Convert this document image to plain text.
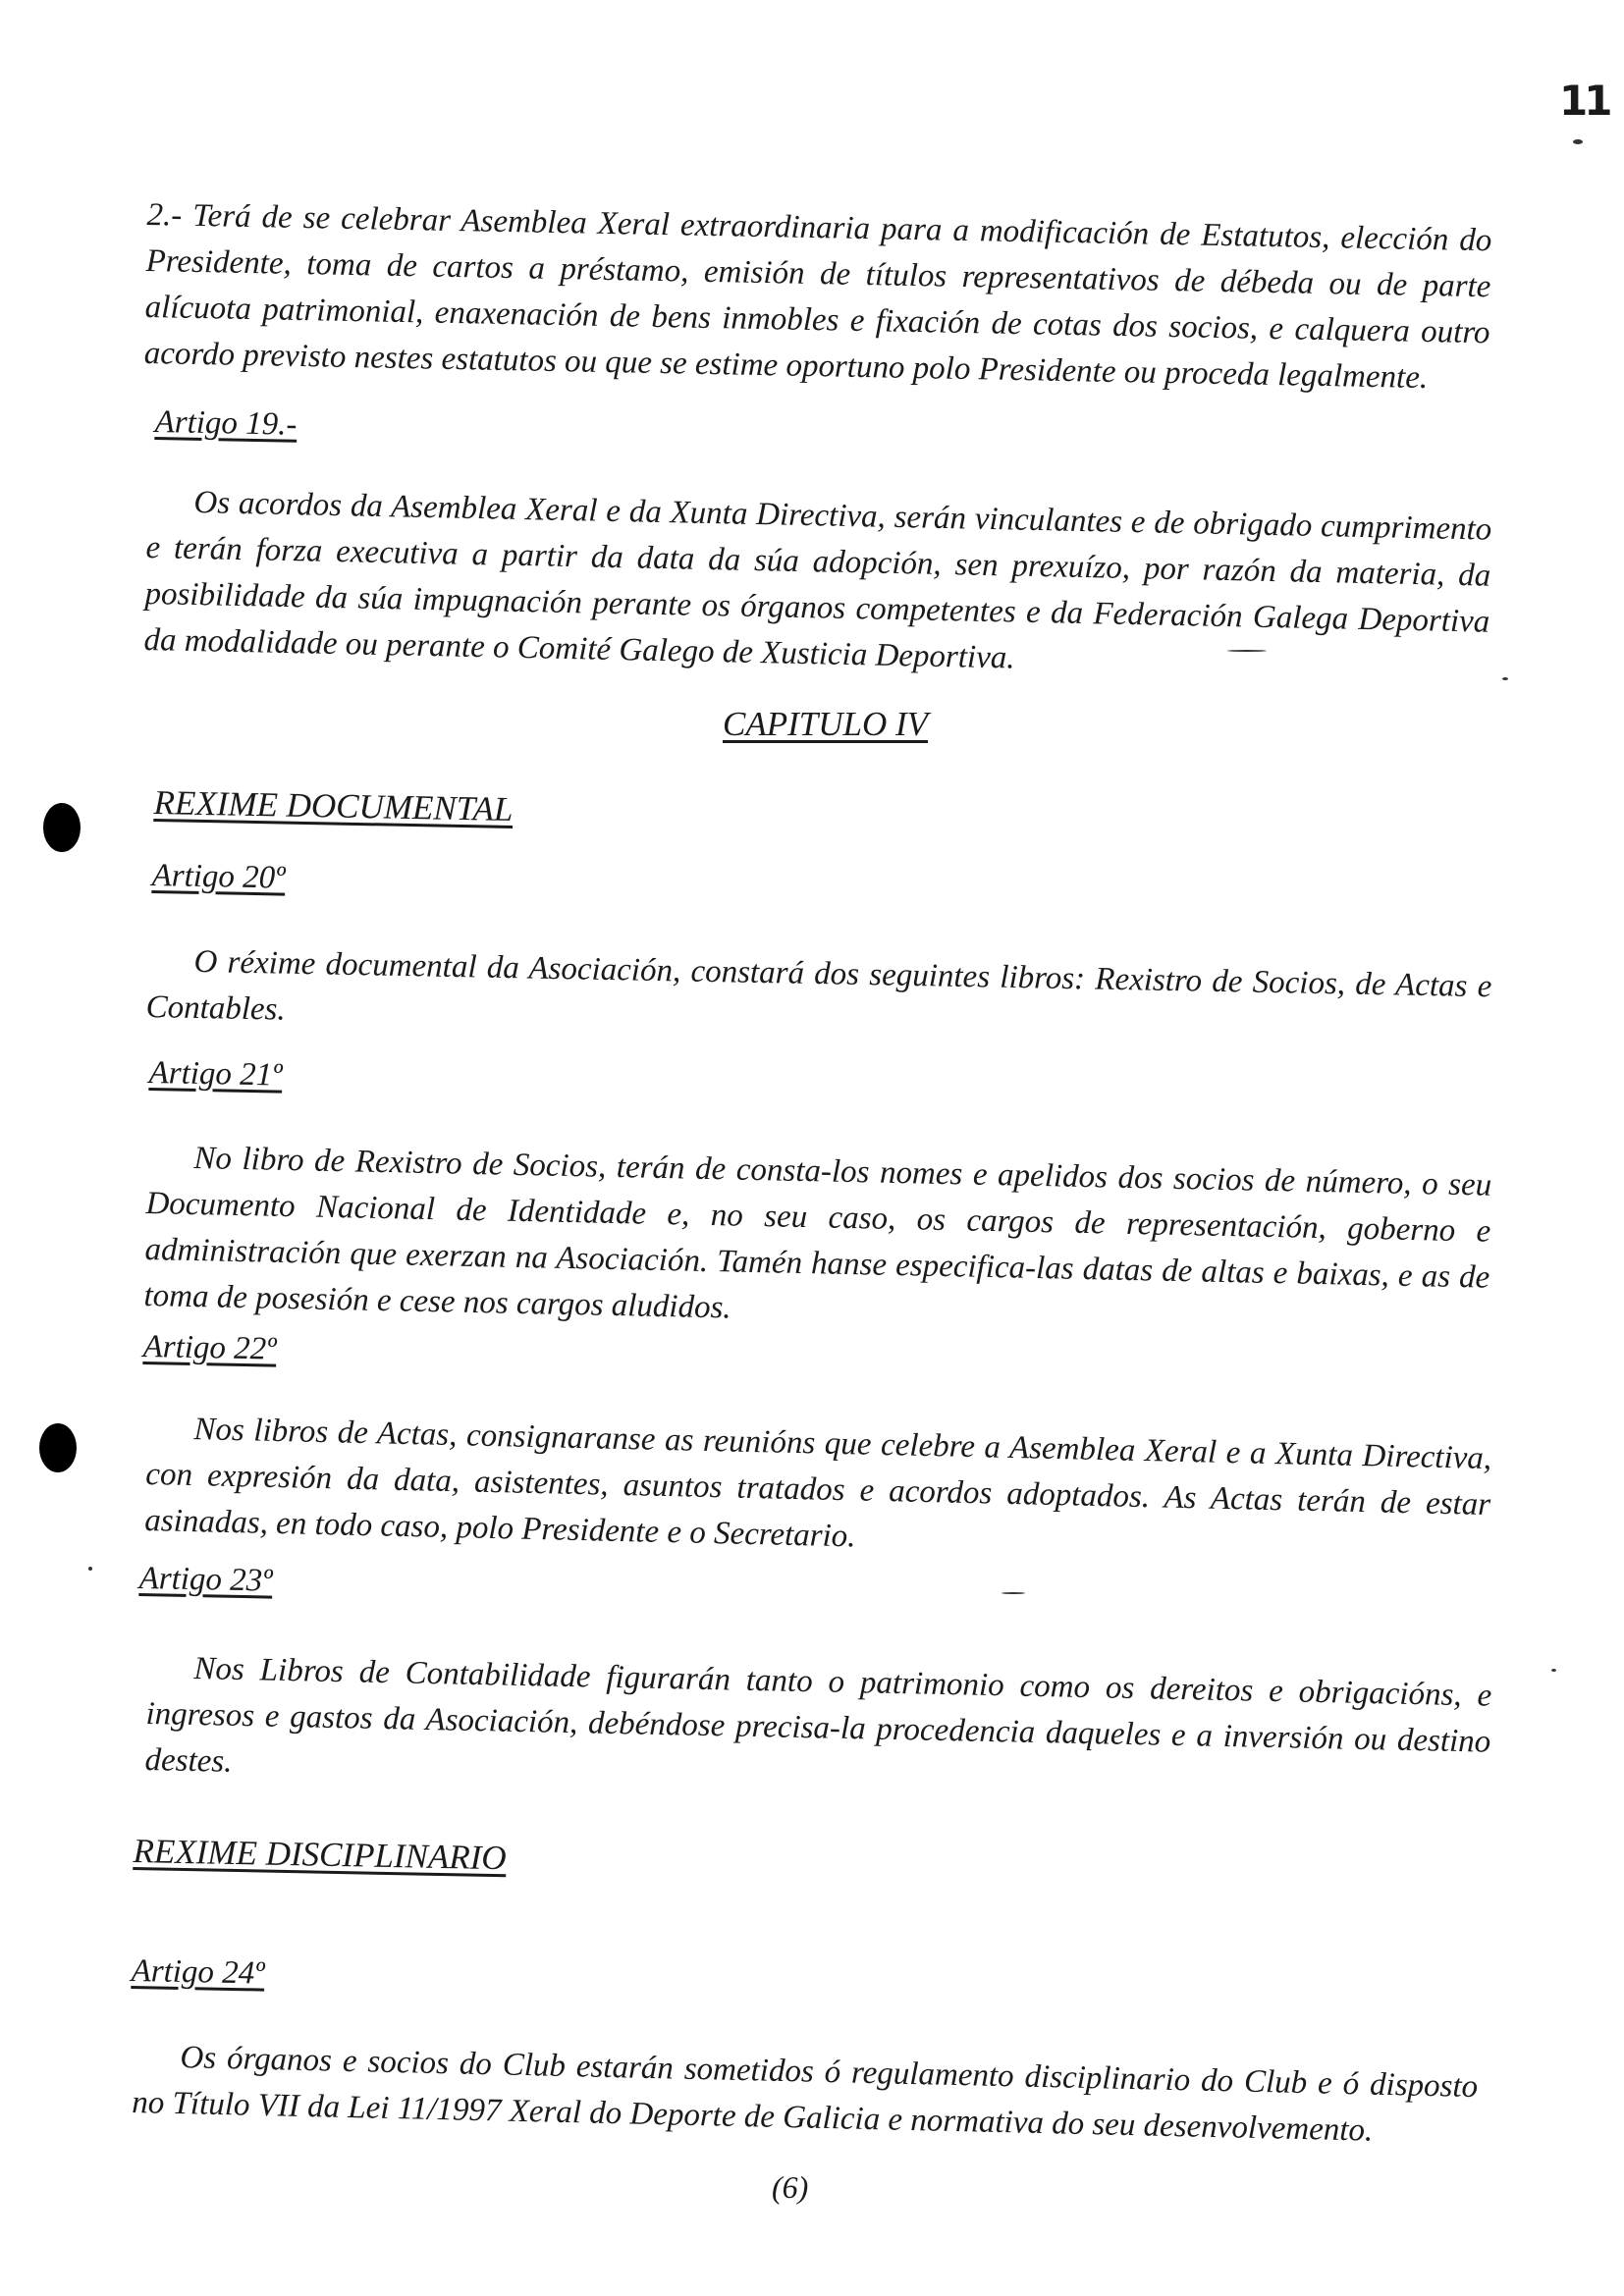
11
2.- Terá de se celebrar Asemblea Xeral extraordinaria para a modificación de Estatutos, elección do Presidente, toma de cartos a préstamo, emisión de títulos representativos de débeda ou de parte alícuota patrimonial, enaxenación de bens inmobles e fixación de cotas dos socios, e calquera outro acordo previsto nestes estatutos ou que se estime oportuno polo Presidente ou proceda legalmente.
Artigo 19.-
Os acordos da Asemblea Xeral e da Xunta Directiva, serán vinculantes e de obrigado cumprimento e terán forza executiva a partir da data da súa adopción, sen prexuízo, por razón da materia, da posibilidade da súa impugnación perante os órganos competentes e da Federación Galega Deportiva da modalidade ou perante o Comité Galego de Xusticia Deportiva.
CAPITULO IV
REXIME DOCUMENTAL
Artigo 20º
O réxime documental da Asociación, constará dos seguintes libros: Rexistro de Socios, de Actas e Contables.
Artigo 21º
No libro de Rexistro de Socios, terán de consta-los nomes e apelidos dos socios de número, o seu Documento Nacional de Identidade e, no seu caso, os cargos de representación, goberno e administración que exerzan na Asociación. Tamén hanse especifica-las datas de altas e baixas, e as de toma de posesión e cese nos cargos aludidos.
Artigo 22º
Nos libros de Actas, consignaranse as reunións que celebre a Asemblea Xeral e a Xunta Directiva, con expresión da data, asistentes, asuntos tratados e acordos adoptados. As Actas terán de estar asinadas, en todo caso, polo Presidente e o Secretario.
Artigo 23º
Nos Libros de Contabilidade figurarán tanto o patrimonio como os dereitos e obrigacións, e ingresos e gastos da Asociación, debéndose precisa-la procedencia daqueles e a inversión ou destino destes.
REXIME DISCIPLINARIO
Artigo 24º
Os órganos e socios do Club estarán sometidos ó regulamento disciplinario do Club e ó disposto no Título VII da Lei 11/1997 Xeral do Deporte de Galicia e normativa do seu desenvolvemento.
(6)
